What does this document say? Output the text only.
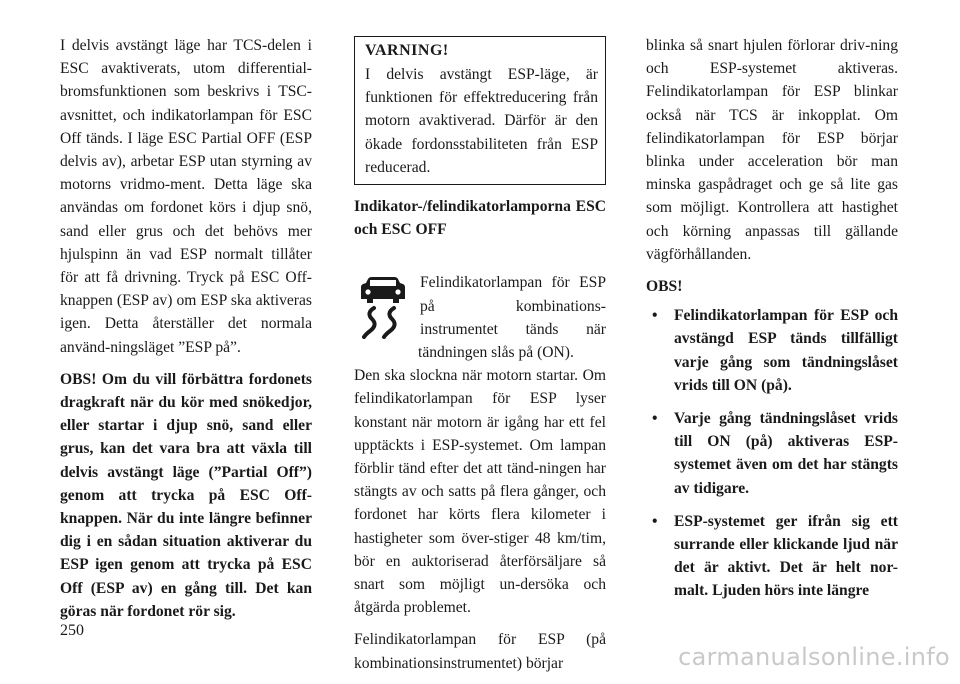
I delvis avstängt läge har TCS-delen i ESC avaktiverats, utom differential-bromsfunktionen som beskrivs i TSC-avsnittet, och indikatorlampan för ESC Off tänds. I läge ESC Partial OFF (ESP delvis av), arbetar ESP utan styrning av motorns vridmo-ment. Detta läge ska användas om fordonet körs i djup snö, sand eller grus och det behövs mer hjulspinn än vad ESP normalt tillåter för att få drivning. Tryck på ESC Off-knappen (ESP av) om ESP ska aktiveras igen. Detta återställer det normala använd-ningsläget ”ESP på”.

OBS! Om du vill förbättra fordonets dragkraft när du kör med snökedjor, eller startar i djup snö, sand eller grus, kan det vara bra att växla till delvis avstängt läge (”Partial Off”) genom att trycka på ESC Off-knappen. När du inte längre befinner dig i en sådan situation aktiverar du ESP igen genom att trycka på ESC Off (ESP av) en gång till. Det kan göras när fordonet rör sig.

VARNING!
I delvis avstängt ESP-läge, är funktionen för effektreducering från motorn avaktiverad. Därför är den ökade fordonsstabiliteten från ESP reducerad.
Indikator-/felindikatorlamporna ESC och ESC OFF
Felindikatorlampan för ESP på kombinations-instrumentet tänds när tändningen slås på (ON).

Den ska slockna när motorn startar. Om felindikatorlampan för ESP lyser konstant när motorn är igång har ett fel upptäckts i ESP-systemet. Om lampan förblir tänd efter det att tänd-ningen har stängts av och satts på flera gånger, och fordonet har körts flera kilometer i hastigheter som över-stiger 48 km/tim, bör en auktoriserad återförsäljare så snart som möjligt un-dersöka och åtgärda problemet.

Felindikatorlampan för ESP (på kombinationsinstrumentet) börjar

blinka så snart hjulen förlorar driv-ning och ESP-systemet aktiveras. Felindikatorlampan för ESP blinkar också när TCS är inkopplat. Om felindikatorlampan för ESP börjar blinka under acceleration bör man minska gaspådraget och ge så lite gas som möjligt. Kontrollera att hastighet och körning anpassas till gällande vägförhållanden.

OBS!
• Felindikatorlampan för ESP och avstängd ESP tänds tillfälligt varje gång som tändningslåset vrids till ON (på).
• Varje gång tändningslåset vrids till ON (på) aktiveras ESP-systemet även om det har stängts av tidigare.
• ESP-systemet ger ifrån sig ett surrande eller klickande ljud när det är aktivt. Det är helt nor-malt. Ljuden hörs inte längre
250
carmanualsonline.info
